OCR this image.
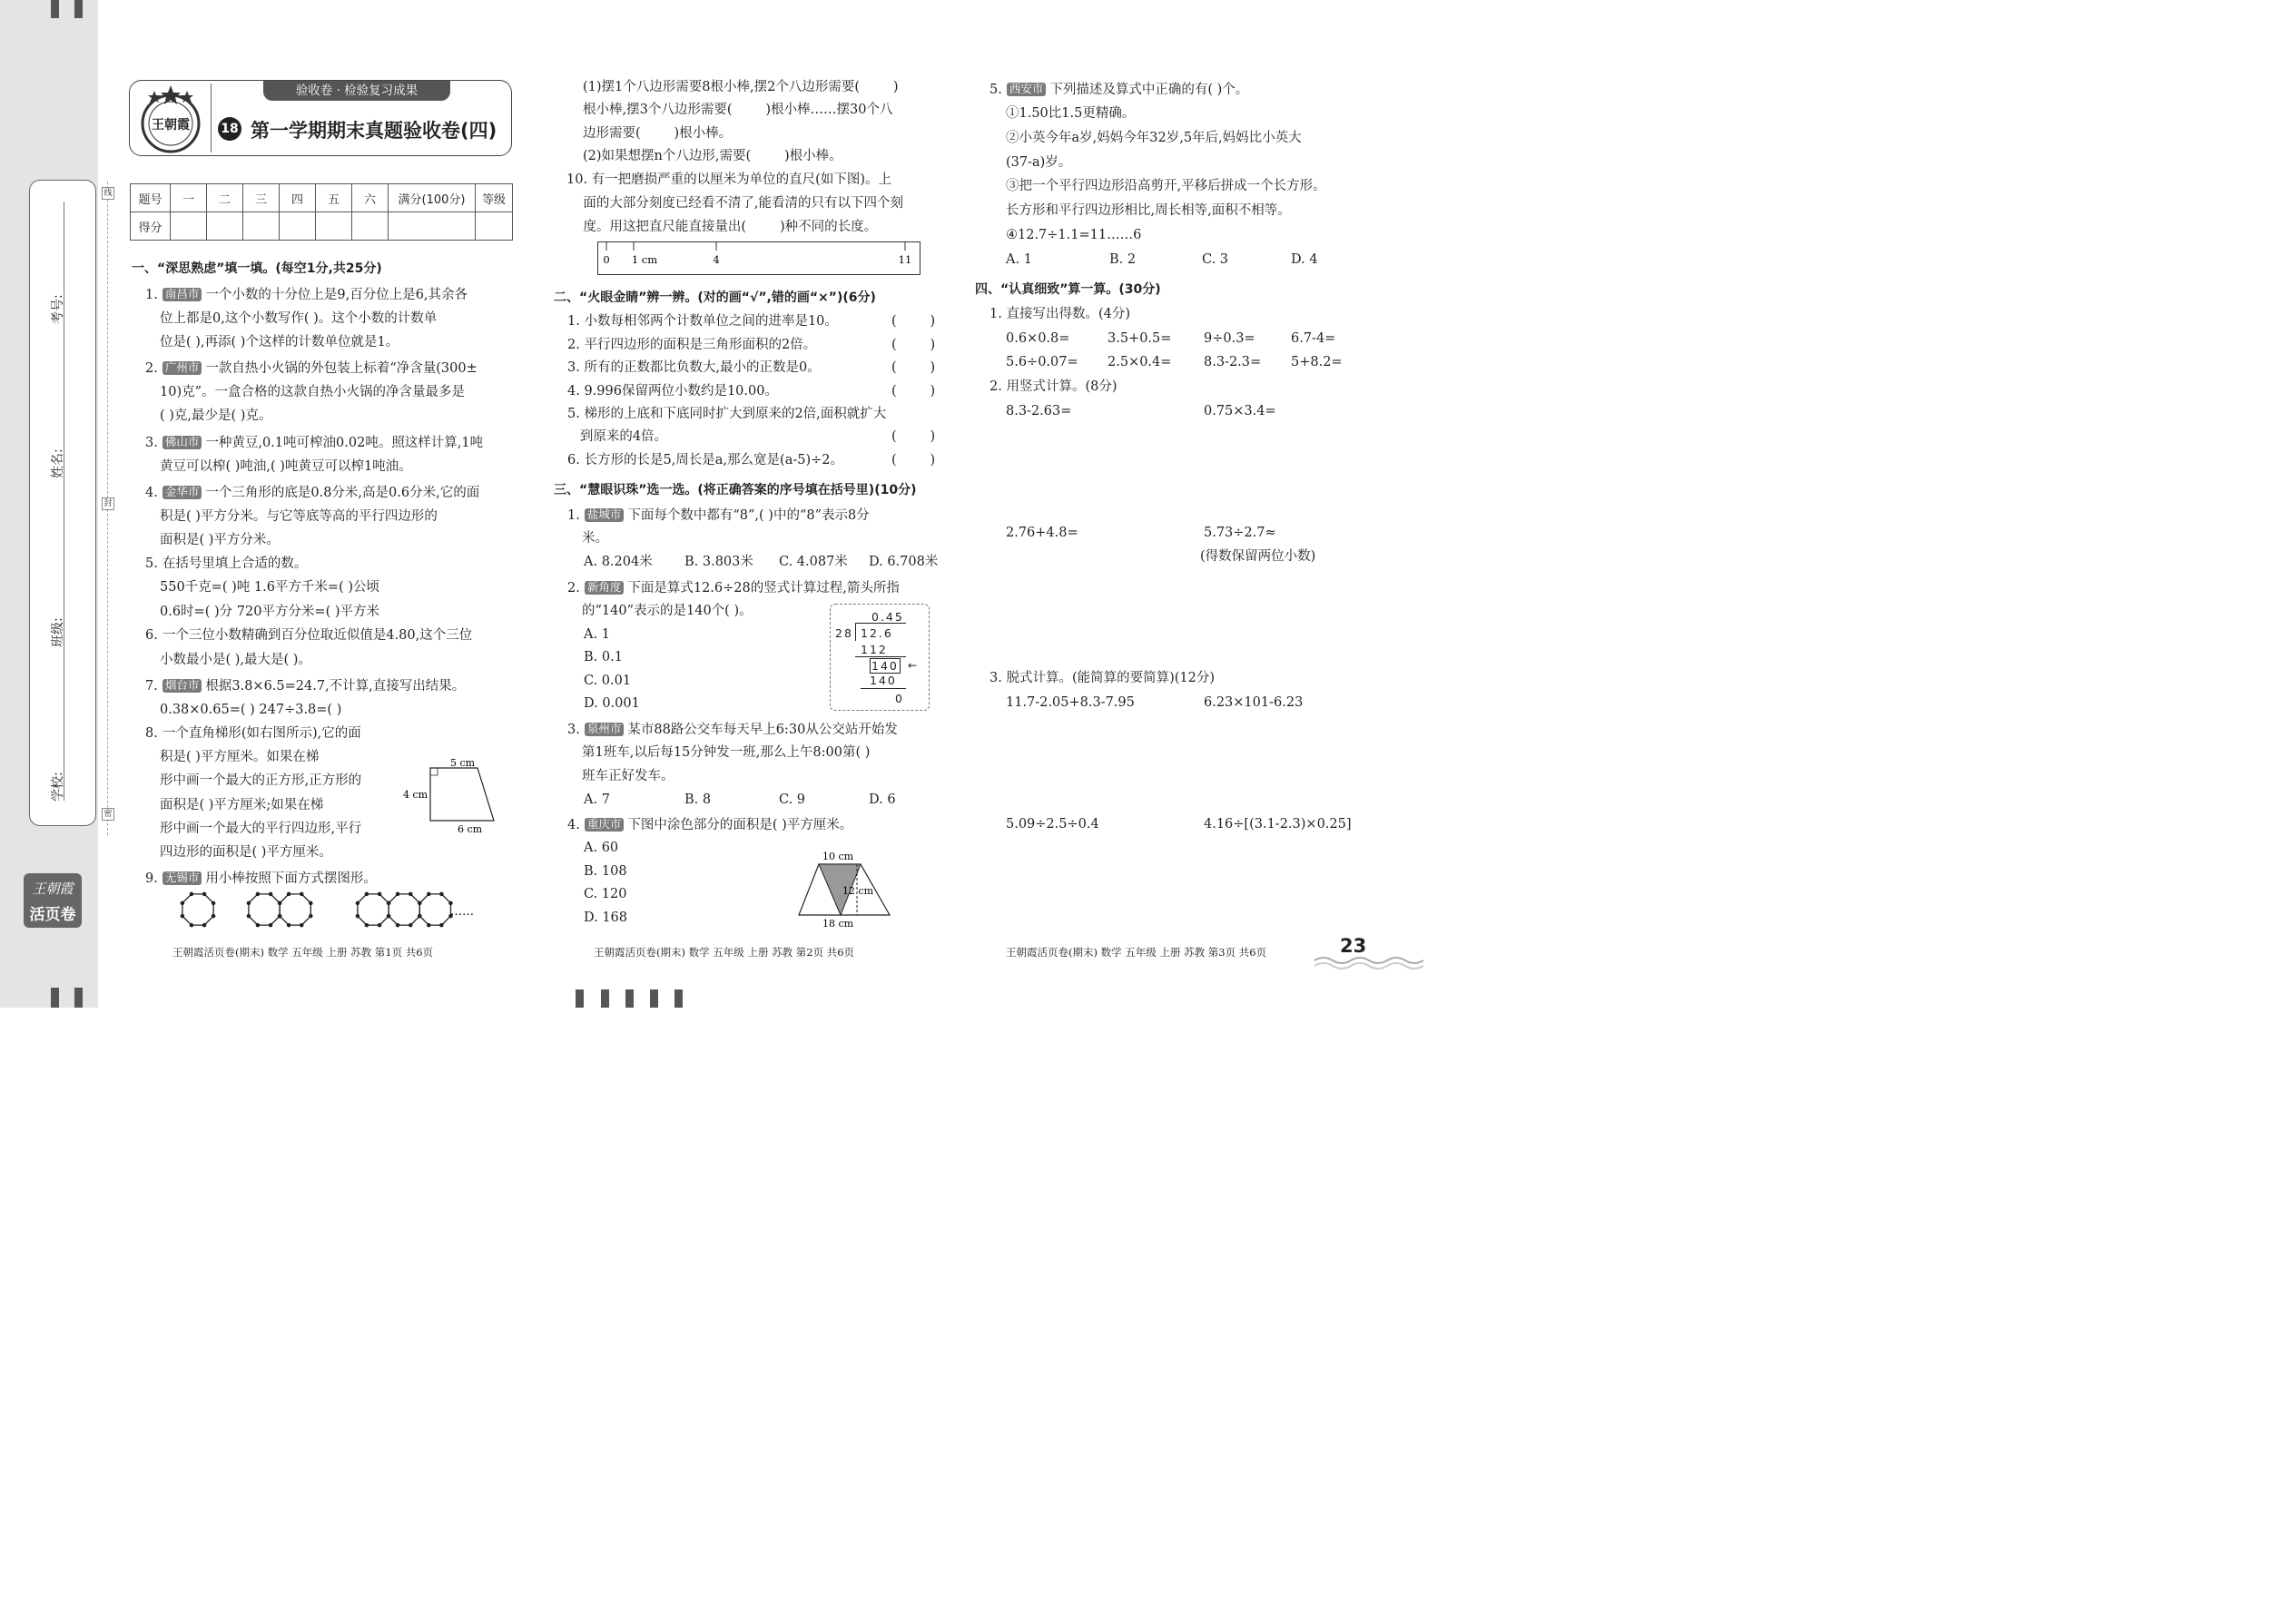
考号:
姓名:
班级:
学校:
线
封
密
王朝霞
活页卷
验收卷 · 检验复习成果
王朝霞 18 第一学期期末真题验收卷(四)
题号	一	二	三	四	五	六	满分(100分)	等级
得分								
一、“深思熟虑”填一填。(每空1分,共25分)
1. 南昌市 一个小数的十分位上是9,百分位上是6,其余各
位上都是0,这个小数写作( )。这个小数的计数单
位是( ),再添( )个这样的计数单位就是1。
2. 广州市 一款自热小火锅的外包装上标着“净含量(300±
10)克”。一盒合格的这款自热小火锅的净含量最多是
( )克,最少是( )克。
3. 佛山市 一种黄豆,0.1吨可榨油0.02吨。照这样计算,1吨
黄豆可以榨( )吨油,( )吨黄豆可以榨1吨油。
4. 金华市 一个三角形的底是0.8分米,高是0.6分米,它的面
积是( )平方分米。与它等底等高的平行四边形的
面积是( )平方分米。
5. 在括号里填上合适的数。
550千克=( )吨 1.6平方千米=( )公顷
0.6时=( )分 720平方分米=( )平方米
6. 一个三位小数精确到百分位取近似值是4.80,这个三位
小数最小是( ),最大是( )。
7. 烟台市 根据3.8×6.5=24.7,不计算,直接写出结果。
0.38×0.65=( ) 247÷3.8=( )
8. 一个直角梯形(如右图所示),它的面
积是( )平方厘米。如果在梯
形中画一个最大的正方形,正方形的
面积是( )平方厘米;如果在梯
形中画一个最大的平行四边形,平行
四边形的面积是( )平方厘米。
9. 无锡市 用小棒按照下面方式摆图形。
5 cm
4 cm
6 cm
……
王朝霞活页卷(期末) 数学 五年级 上册 苏教 第1页 共6页
(1)摆1个八边形需要8根小棒,摆2个八边形需要(        )
根小棒,摆3个八边形需要(        )根小棒……摆30个八
边形需要(        )根小棒。
(2)如果想摆n个八边形,需要(        )根小棒。
10. 有一把磨损严重的以厘米为单位的直尺(如下图)。上
面的大部分刻度已经看不清了,能看清的只有以下四个刻
度。用这把直尺能直接量出(        )种不同的长度。
0 1 cm	4	11
二、“火眼金睛”辨一辨。(对的画“√”,错的画“×”)(6分)
1. 小数每相邻两个计数单位之间的进率是10。	(        )
2. 平行四边形的面积是三角形面积的2倍。	(        )
3. 所有的正数都比负数大,最小的正数是0。	(        )
4. 9.996保留两位小数约是10.00。	(        )
5. 梯形的上底和下底同时扩大到原来的2倍,面积就扩大
到原来的4倍。	(        )
6. 长方形的长是5,周长是a,那么宽是(a-5)÷2。	(        )
三、“慧眼识珠”选一选。(将正确答案的序号填在括号里)(10分)
1. 盐城市 下面每个数中都有“8”,( )中的“8”表示8分
米。
A. 8.204米 B. 3.803米 C. 4.087米 D. 6.708米
2. 新角度 下面是算式12.6÷28的竖式计算过程,箭头所指
的“140”表示的是140个( )。
A. 1
B. 0.1
C. 0.01
D. 0.001
3. 泉州市 某市88路公交车每天早上6:30从公交站开始发
第1班车,以后每15分钟发一班,那么上午8:00第( )
班车正好发车。
A. 7	B. 8	C. 9	D. 6
4. 重庆市 下图中涂色部分的面积是( )平方厘米。
A. 60
B. 108
C. 120
D. 168
0.45
28 12.6
112
140 ←
140
0
10 cm
12 cm
18 cm
王朝霞活页卷(期末) 数学 五年级 上册 苏教 第2页 共6页
5. 西安市 下列描述及算式中正确的有( )个。
①1.50比1.5更精确。
②小英今年a岁,妈妈今年32岁,5年后,妈妈比小英大
(37-a)岁。
③把一个平行四边形沿高剪开,平移后拼成一个长方形。
长方形和平行四边形相比,周长相等,面积不相等。
④12.7÷1.1=11……6
A. 1	B. 2	C. 3	D. 4
四、“认真细致”算一算。(30分)
1. 直接写出得数。(4分)
0.6×0.8=	3.5+0.5= 9÷0.3=	6.7-4=
5.6÷0.07= 2.5×0.4= 8.3-2.3= 5+8.2=
2. 用竖式计算。(8分)
8.3-2.63=	0.75×3.4=
2.76+4.8=	5.73÷2.7≈
(得数保留两位小数)
3. 脱式计算。(能简算的要简算)(12分)
11.7-2.05+8.3-7.95	6.23×101-6.23
5.09÷2.5÷0.4	4.16÷[(3.1-2.3)×0.25]
王朝霞活页卷(期末) 数学 五年级 上册 苏教 第3页 共6页	23
